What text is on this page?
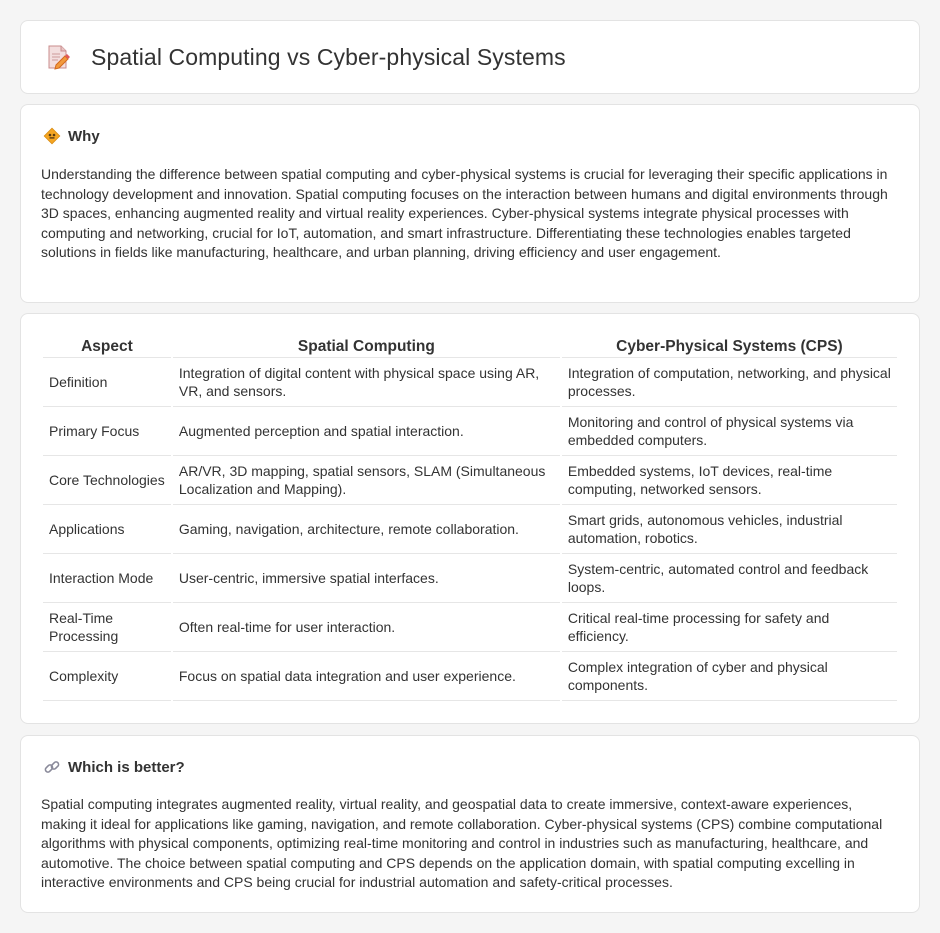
Spatial Computing vs Cyber-physical Systems
Why

Understanding the difference between spatial computing and cyber-physical systems is crucial for leveraging their specific applications in technology development and innovation. Spatial computing focuses on the interaction between humans and digital environments through 3D spaces, enhancing augmented reality and virtual reality experiences. Cyber-physical systems integrate physical processes with computing and networking, crucial for IoT, automation, and smart infrastructure. Differentiating these technologies enables targeted solutions in fields like manufacturing, healthcare, and urban planning, driving efficiency and user engagement.

Aspect	Spatial Computing	Cyber-Physical Systems (CPS)
Definition	Integration of digital content with physical space using AR, VR, and sensors.	Integration of computation, networking, and physical processes.
Primary Focus	Augmented perception and spatial interaction.	Monitoring and control of physical systems via embedded computers.
Core Technologies	AR/VR, 3D mapping, spatial sensors, SLAM (Simultaneous Localization and Mapping).	Embedded systems, IoT devices, real-time computing, networked sensors.
Applications	Gaming, navigation, architecture, remote collaboration.	Smart grids, autonomous vehicles, industrial automation, robotics.
Interaction Mode	User-centric, immersive spatial interfaces.	System-centric, automated control and feedback loops.
Real-Time Processing	Often real-time for user interaction.	Critical real-time processing for safety and efficiency.
Complexity	Focus on spatial data integration and user experience.	Complex integration of cyber and physical components.
Which is better?

Spatial computing integrates augmented reality, virtual reality, and geospatial data to create immersive, context-aware experiences, making it ideal for applications like gaming, navigation, and remote collaboration. Cyber-physical systems (CPS) combine computational algorithms with physical components, optimizing real-time monitoring and control in industries such as manufacturing, healthcare, and automotive. The choice between spatial computing and CPS depends on the application domain, with spatial computing excelling in interactive environments and CPS being crucial for industrial automation and safety-critical processes.
